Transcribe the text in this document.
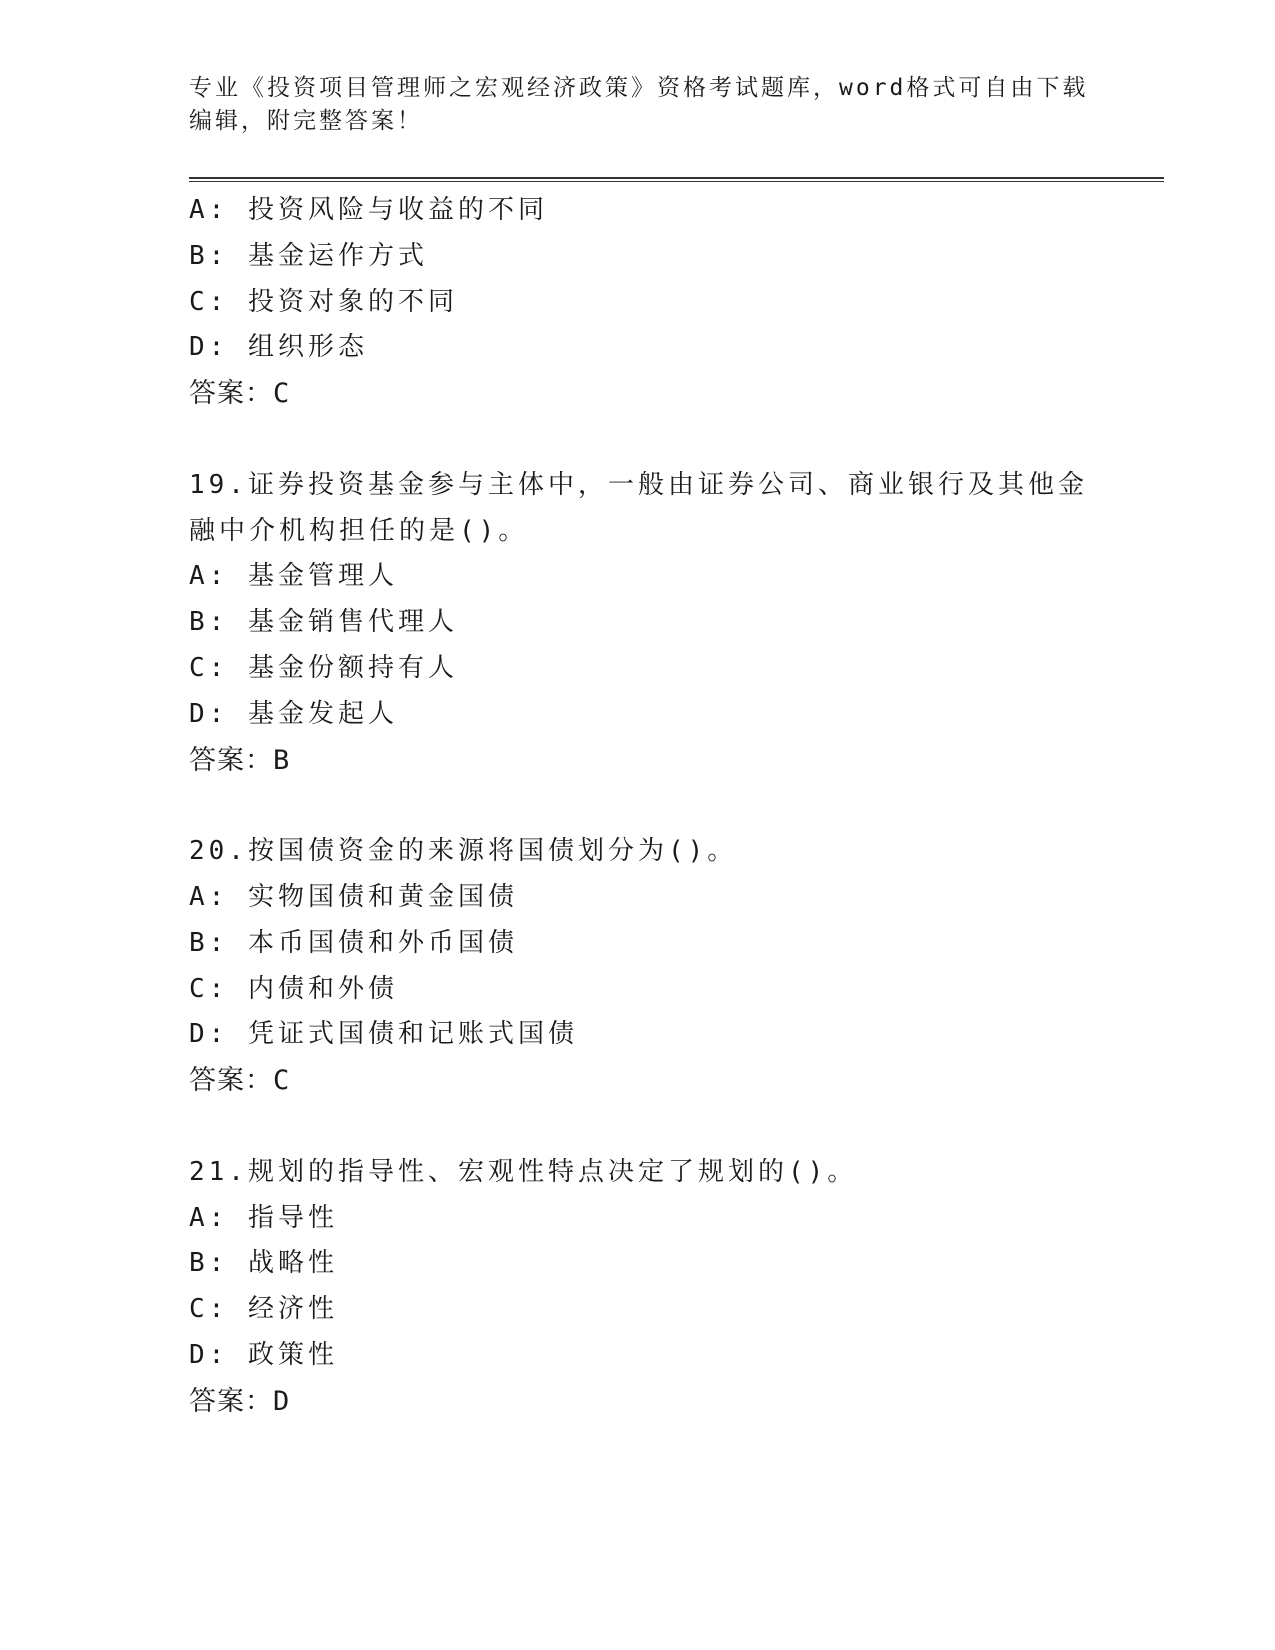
专业《投资项目管理师之宏观经济政策》资格考试题库，word格式可自由下载编辑，附完整答案！
A: 投资风险与收益的不同
B: 基金运作方式
C: 投资对象的不同
D: 组织形态
答案：C
19.证券投资基金参与主体中，一般由证券公司、商业银行及其他金融中介机构担任的是()。
A: 基金管理人
B: 基金销售代理人
C: 基金份额持有人
D: 基金发起人
答案：B
20.按国债资金的来源将国债划分为()。
A: 实物国债和黄金国债
B: 本币国债和外币国债
C: 内债和外债
D: 凭证式国债和记账式国债
答案：C
21.规划的指导性、宏观性特点决定了规划的()。
A: 指导性
B: 战略性
C: 经济性
D: 政策性
答案：D
